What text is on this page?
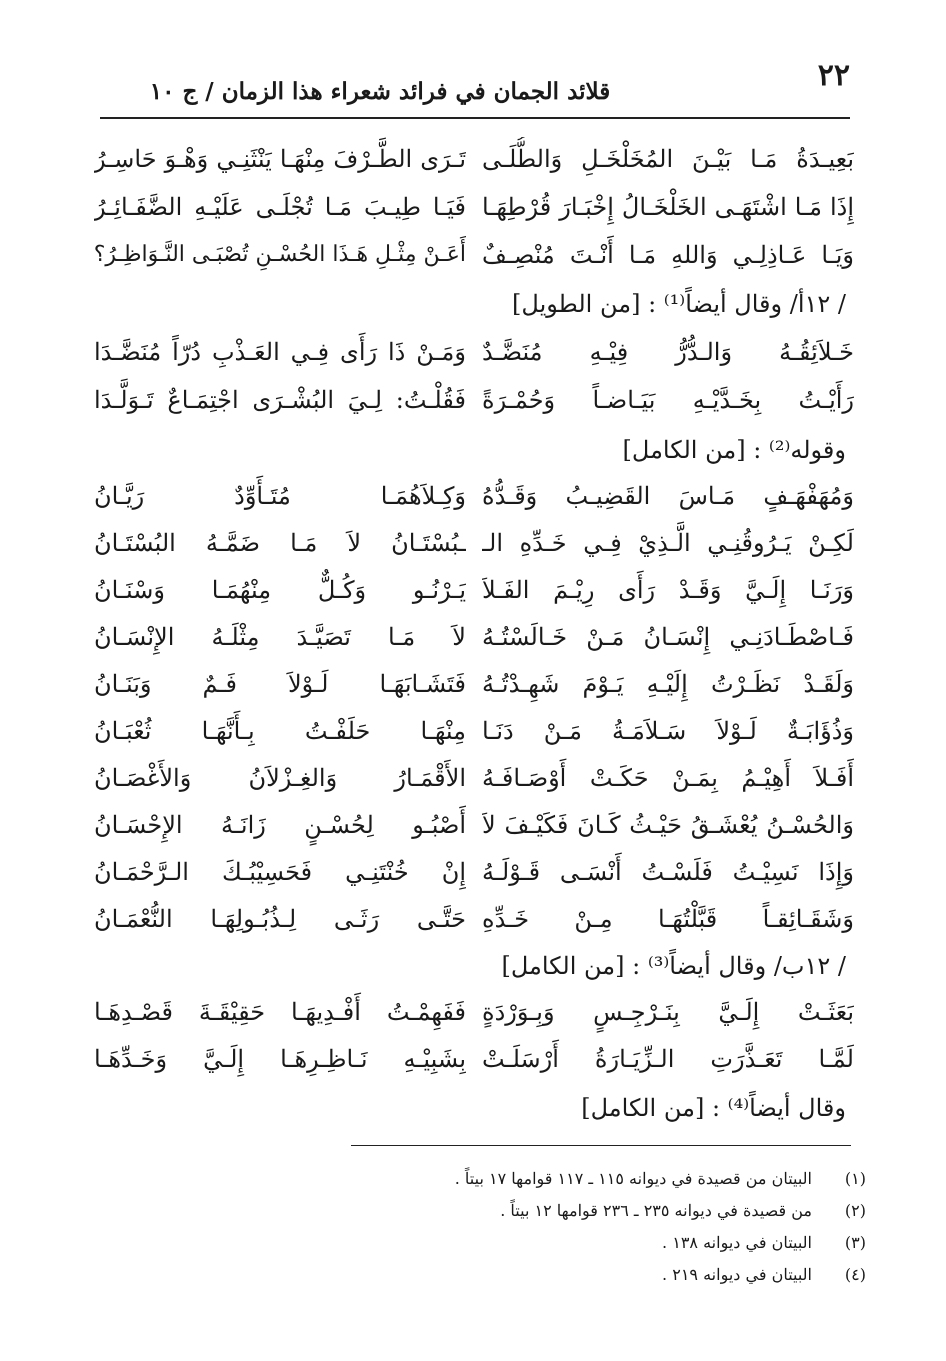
٢٢
قلائد الجمان في فرائد شعراء هذا الزمان / ج ١٠
بَعِيـدَةُ مَـا بَيْـنَ المُخَلْخَـلِ وَالطُّلَـى
تَـرَى الطَّـرْفَ مِنْهَـا يَنْثَنِـي وَهْـوَ حَاسِـرُ
إِذَا مَـا اشْتَهَـى الخَلْخَـالُ إِخْبَـارَ قُرْطِهَـا
فَيَـا طِيـبَ مَـا تُجْلَـى عَلَيْـهِ الضَّفَـائِـرُ
وَيَـا عَـاذِلِـي وَاللهِ مَـا أَنْـتَ مُنْصِـفٌ
أَعَـنْ مِثْـلِ هَـذَا الحُسْـنِ تُصْبَـى النَّـوَاظِـرُ؟
/ ١٢أ/ وقال أيضاً⁽¹⁾ : [من الطويل]
خَـلاَئِقُـهُ وَالـدُّرُّ فِيْـهِ مُنَضَّـدٌ
وَمَـنْ ذَا رَأَى فِـي العَـذْبِ دُرّاً مُنَضَّـدَا
رَأَيْـتُ بِخَـدَّيْـهِ بَيَـاضـاً وَحُمْـرَةً
فَقُلْـتُ: لِـيَ البُشْـرَى اجْتِمَـاعٌ تَـوَلَّـدَا
وقوله⁽²⁾ : [من الكامل]
وَمُهَفْهَـفٍ مَـاسَ القَضِيـبُ وَقَـدُّهُ
وَكِـلاَهُمَـا مُتَـأَوِّدٌ رَيَّـانُ
لَكِـنْ يَـرُوقُنِـي الَّـذِيْ فِـي خَـدِّهِ الـ
ـبُسْتَـانُ لاَ مَـا ضَمَّـهُ البُسْتَـانُ
وَرَنَـا إِلَـيَّ وَقَـدْ رَأَى رِيْـمَ الفَـلاَ
يَـرْنُـو وَكُـلٌّ مِنْهُمَـا وَسْنَـانُ
فَـاصْطَـادَنِـي إِنْسَـانُ مَـنْ خَـالَسْتُـهُ
لاَ مَـا تَصَيَّـدَ مِثْلَـهُ الإِنْسَـانُ
وَلَقَـدْ نَظَـرْتُ إِلَيْـهِ يَـوْمَ شَهِـدْتُـهُ
فَتَشَـابَهَـا لَـوْلاَ فَـمٌ وَبَنَـانُ
وَذُؤَابَـةٌ لَـوْلاَ سَـلاَمَـةُ مَـنْ دَنَـا
مِنْهَـا حَلَفْـتُ بِـأَنَّهَـا ثُعْبَـانُ
أَفَـلاَ أَهِيْـمُ بِمَـنْ حَكَـتْ أَوْصَـافَـهُ
الأَقْمَـارُ وَالغِـزْلاَنُ وَالأَغْصَـانُ
وَالحُسْـنُ يُعْشَـقُ حَيْـثُ كَـانَ فَكَيْـفَ لاَ
أَصْبُـو لِحُسْـنٍ زَانَـهُ الإِحْسَـانُ
وَإِذَا نَسِيْـتُ فَلَسْـتُ أَنْسَـى قَـوْلَـهُ
إِنْ خُنْتَنِـي فَحَسِيْبُـكَ الـرَّحْمَـانُ
وَشَقَـائِقـاً قَبَّلْتُهَـا مِـنْ خَـدِّهِ
حَتَّـى رَثَـى لِـذُبُـولِهَـا النُّعْمَـانُ
/ ١٢ب/ وقال أيضاً⁽³⁾ : [من الكامل]
بَعَثَـتْ إِلَـيَّ بِنَـرْجِـسٍ وَبِـوَرْدَةٍ
فَفَهِمْـتُ أَفْـدِيهَـا حَقِيْقَـةَ قَصْـدِهَـا
لَمَّـا تَعَـذَّرَتِ الـزِّيَـارَةُ أَرْسَلَـتْ
بِشَبِيْـهِ نَـاظِـرِهَـا إِلَـيَّ وَخَـدِّهَـا
وقال أيضاً⁽⁴⁾ : [من الكامل]
(١)البيتان من قصيدة في ديوانه ١١٥ ـ ١١٧ قوامها ١٧ بيتاً .
(٢)من قصيدة في ديوانه ٢٣٥ ـ ٢٣٦ قوامها ١٢ بيتاً .
(٣)البيتان في ديوانه ١٣٨ .
(٤)البيتان في ديوانه ٢١٩ .
